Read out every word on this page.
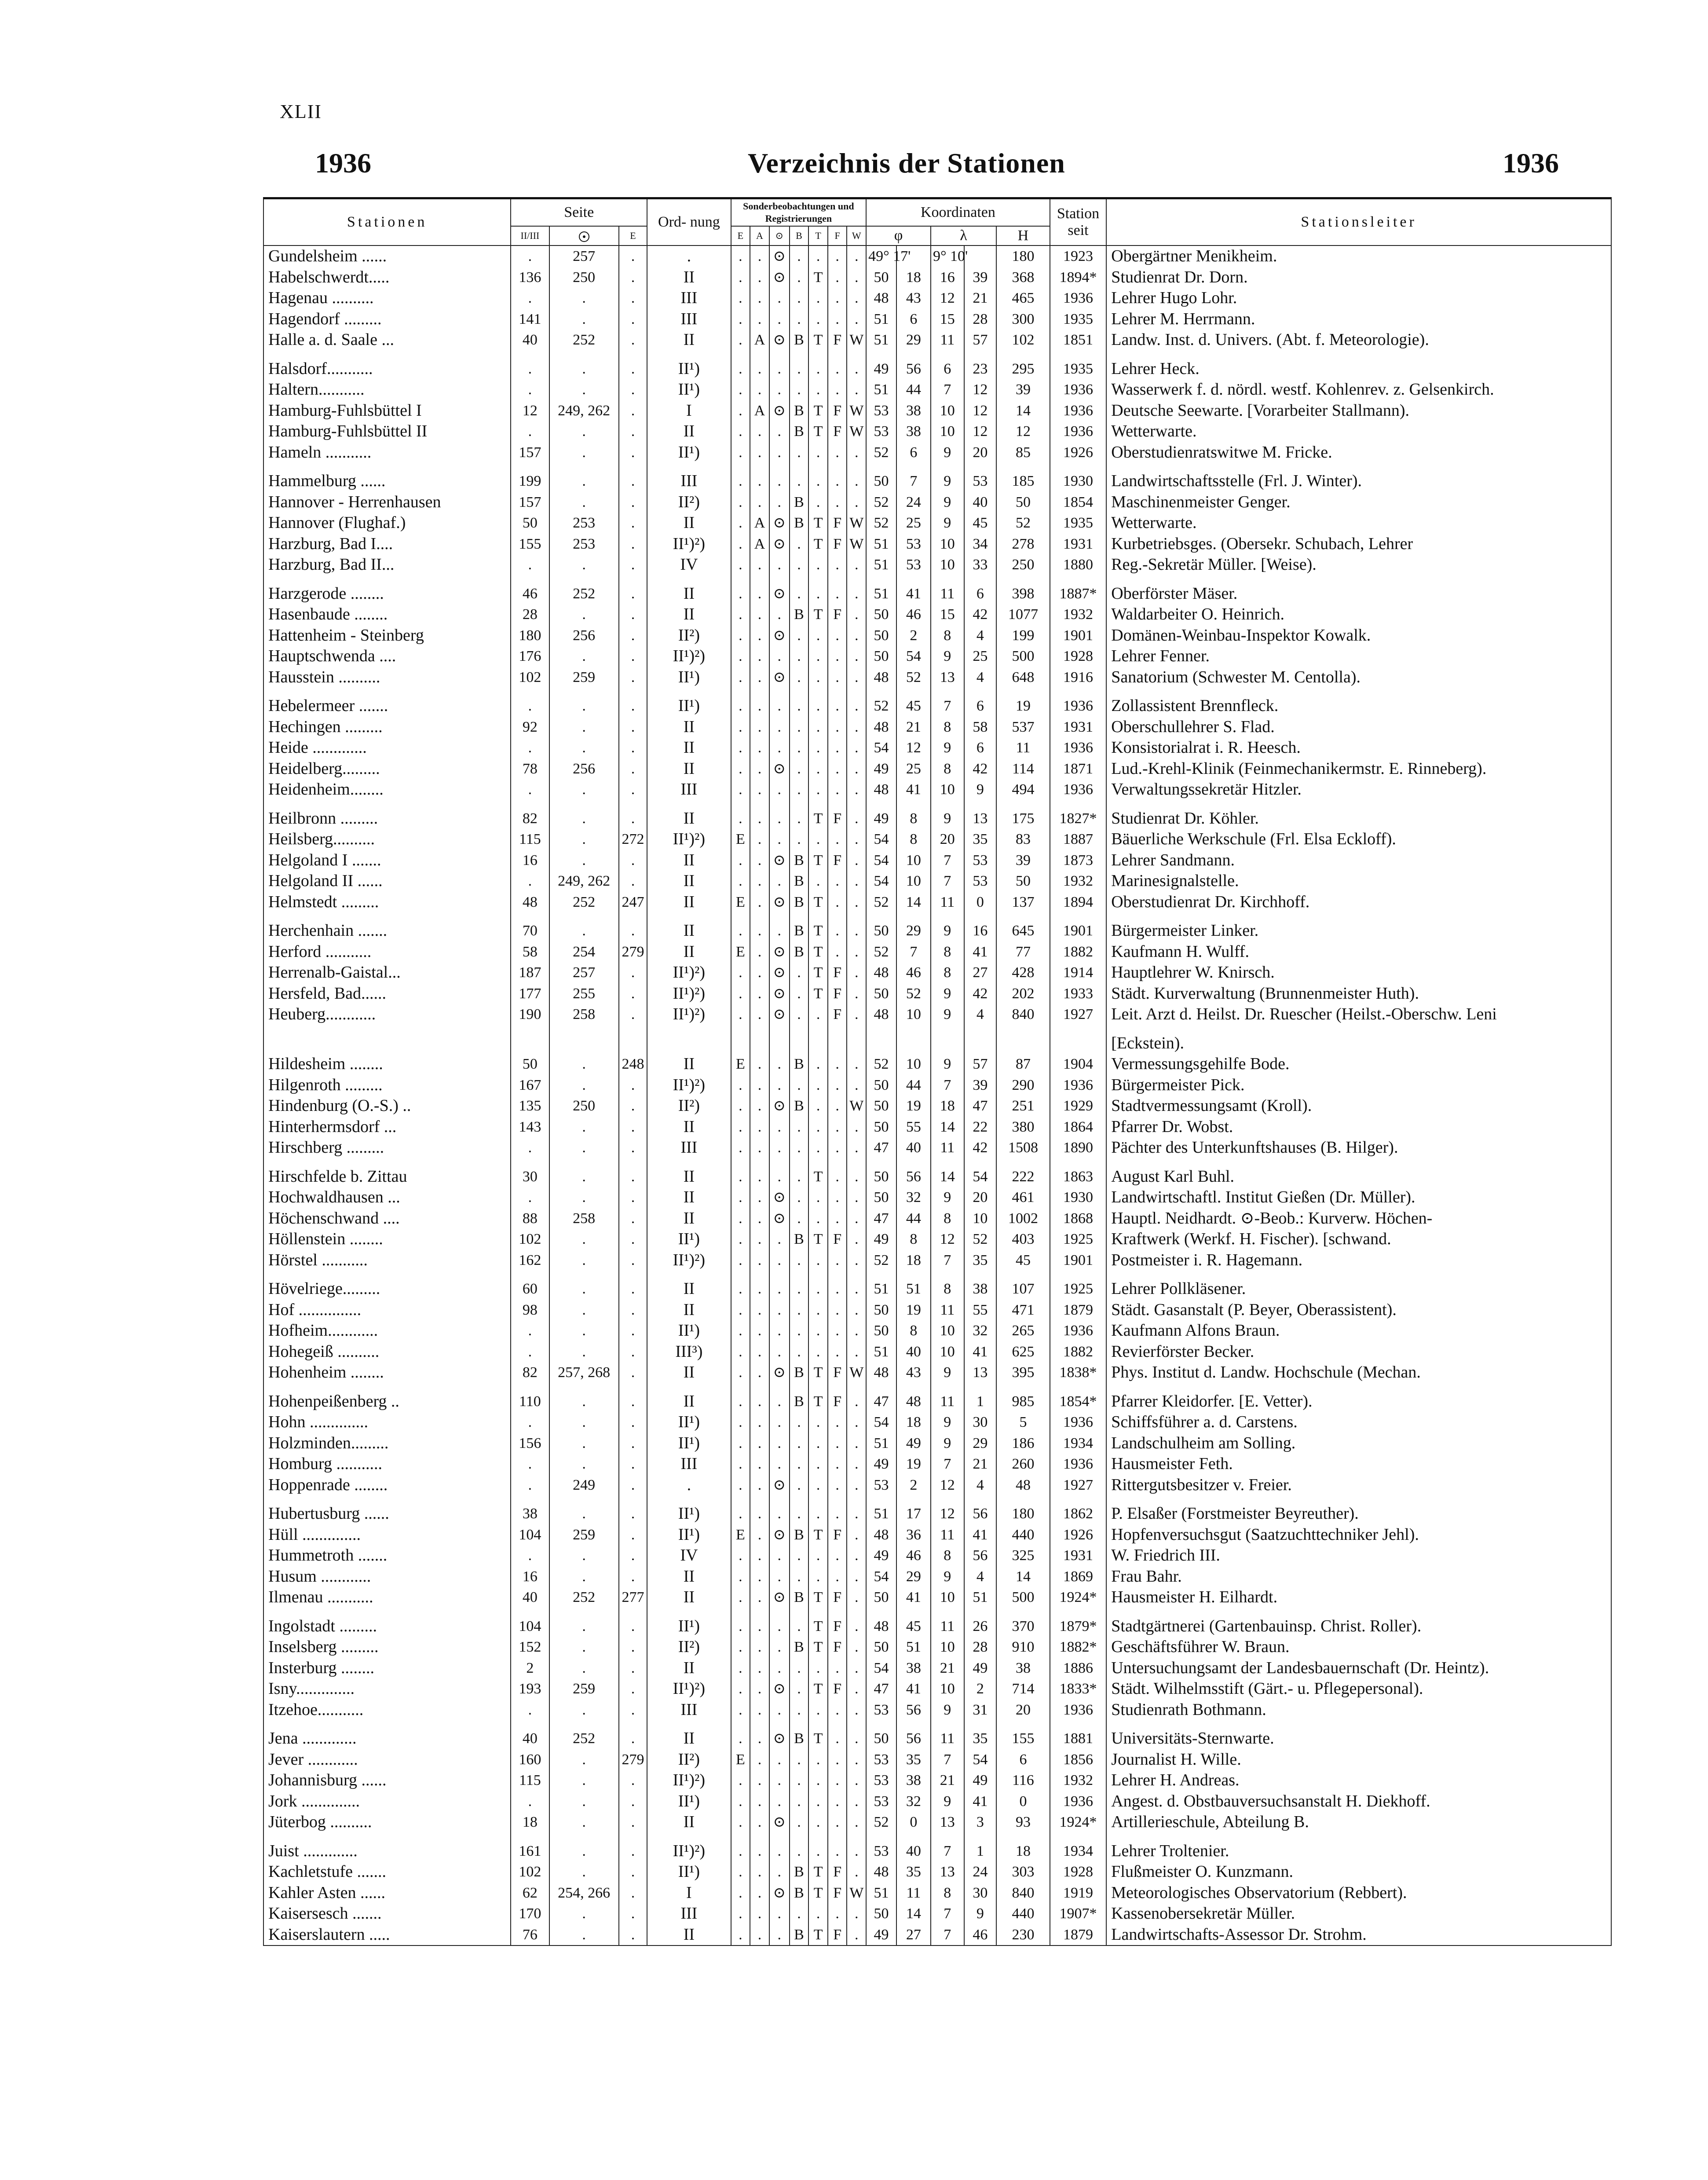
XLII
1936	Verzeichnis der Stationen	1936
Stationen	Seite			Ord- nung	Sonderbeobachtungen und Registrierungen							Koordinaten					Station seit	Stationsleiter
	II/III		E		E	A	⊙	B	T	F	W	φ		λ		H		
Gundelsheim ......	.	257	.	.	.	.	⊙	.	.	.	.	49° 17'		9° 10'		180	1923	Obergärtner Menikheim.
Habelschwerdt.....	136	250	.	II	.	.	⊙	.	T	.	.	50	18	16	39	368	1894*	Studienrat Dr. Dorn.
Hagenau ..........	.	.	.	III	.	.	.	.	.	.	.	48	43	12	21	465	1936	Lehrer Hugo Lohr.
Hagendorf .........	141	.	.	III	.	.	.	.	.	.	.	51	6	15	28	300	1935	Lehrer M. Herrmann.
Halle a. d. Saale ...	40	252	.	II	.	A	⊙	B	T	F	W	51	29	11	57	102	1851	Landw. Inst. d. Univers. (Abt. f. Meteorologie).
Halsdorf...........	.	.	.	II¹)	.	.	.	.	.	.	.	49	56	6	23	295	1935	Lehrer Heck.
Haltern...........	.	.	.	II¹)	.	.	.	.	.	.	.	51	44	7	12	39	1936	Wasserwerk f. d. nördl. westf. Kohlenrev. z. Gelsenkirch.
Hamburg-Fuhlsbüttel I	12	249, 262	.	I	.	A	⊙	B	T	F	W	53	38	10	12	14	1936	Deutsche Seewarte. [Vorarbeiter Stallmann).
Hamburg-Fuhlsbüttel II	.	.	.	II	.	.	.	B	T	F	W	53	38	10	12	12	1936	Wetterwarte.
Hameln ...........	157	.	.	II¹)	.	.	.	.	.	.	.	52	6	9	20	85	1926	Oberstudienratswitwe M. Fricke.
Hammelburg ......	199	.	.	III	.	.	.	.	.	.	.	50	7	9	53	185	1930	Landwirtschaftsstelle (Frl. J. Winter).
Hannover - Herrenhausen	157	.	.	II²)	.	.	.	B	.	.	.	52	24	9	40	50	1854	Maschinenmeister Genger.
Hannover (Flughaf.)	50	253	.	II	.	A	⊙	B	T	F	W	52	25	9	45	52	1935	Wetterwarte.
Harzburg, Bad I....	155	253	.	II¹)²)	.	A	⊙	.	T	F	W	51	53	10	34	278	1931	Kurbetriebsges. (Obersekr. Schubach, Lehrer
Harzburg, Bad II...	.	.	.	IV	.	.	.	.	.	.	.	51	53	10	33	250	1880	Reg.-Sekretär Müller. [Weise).
Harzgerode ........	46	252	.	II	.	.	⊙	.	.	.	.	51	41	11	6	398	1887*	Oberförster Mäser.
Hasenbaude ........	28	.	.	II	.	.	.	B	T	F	.	50	46	15	42	1077	1932	Waldarbeiter O. Heinrich.
Hattenheim - Steinberg	180	256	.	II²)	.	.	⊙	.	.	.	.	50	2	8	4	199	1901	Domänen-Weinbau-Inspektor Kowalk.
Hauptschwenda ....	176	.	.	II¹)²)	.	.	.	.	.	.	.	50	54	9	25	500	1928	Lehrer Fenner.
Hausstein ..........	102	259	.	II¹)	.	.	⊙	.	.	.	.	48	52	13	4	648	1916	Sanatorium (Schwester M. Centolla).
Hebelermeer .......	.	.	.	II¹)	.	.	.	.	.	.	.	52	45	7	6	19	1936	Zollassistent Brennfleck.
Hechingen .........	92	.	.	II	.	.	.	.	.	.	.	48	21	8	58	537	1931	Oberschullehrer S. Flad.
Heide .............	.	.	.	II	.	.	.	.	.	.	.	54	12	9	6	11	1936	Konsistorialrat i. R. Heesch.
Heidelberg.........	78	256	.	II	.	.	⊙	.	.	.	.	49	25	8	42	114	1871	Lud.-Krehl-Klinik (Feinmechanikermstr. E. Rinneberg).
Heidenheim........	.	.	.	III	.	.	.	.	.	.	.	48	41	10	9	494	1936	Verwaltungssekretär Hitzler.
Heilbronn .........	82	.	.	II	.	.	.	.	T	F	.	49	8	9	13	175	1827*	Studienrat Dr. Köhler.
Heilsberg..........	115	.	272	II¹)²)	E	.	.	.	.	.	.	54	8	20	35	83	1887	Bäuerliche Werkschule (Frl. Elsa Eckloff).
Helgoland I .......	16	.	.	II	.	.	⊙	B	T	F	.	54	10	7	53	39	1873	Lehrer Sandmann.
Helgoland II ......	.	249, 262	.	II	.	.	.	B	.	.	.	54	10	7	53	50	1932	Marinesignalstelle.
Helmstedt .........	48	252	247	II	E	.	⊙	B	T	.	.	52	14	11	0	137	1894	Oberstudienrat Dr. Kirchhoff.
Herchenhain .......	70	.	.	II	.	.	.	B	T	.	.	50	29	9	16	645	1901	Bürgermeister Linker.
Herford ...........	58	254	279	II	E	.	⊙	B	T	.	.	52	7	8	41	77	1882	Kaufmann H. Wulff.
Herrenalb-Gaistal...	187	257	.	II¹)²)	.	.	⊙	.	T	F	.	48	46	8	27	428	1914	Hauptlehrer W. Knirsch.
Hersfeld, Bad......	177	255	.	II¹)²)	.	.	⊙	.	T	F	.	50	52	9	42	202	1933	Städt. Kurverwaltung (Brunnenmeister Huth).
Heuberg............	190	258	.	II¹)²)	.	.	⊙	.	.	F	.	48	10	9	4	840	1927	Leit. Arzt d. Heilst. Dr. Ruescher (Heilst.-Oberschw. Leni
																		[Eckstein).
Hildesheim ........	50	.	248	II	E	.	.	B	.	.	.	52	10	9	57	87	1904	Vermessungsgehilfe Bode.
Hilgenroth .........	167	.	.	II¹)²)	.	.	.	.	.	.	.	50	44	7	39	290	1936	Bürgermeister Pick.
Hindenburg (O.-S.) ..	135	250	.	II²)	.	.	⊙	B	.	.	W	50	19	18	47	251	1929	Stadtvermessungsamt (Kroll).
Hinterhermsdorf ...	143	.	.	II	.	.	.	.	.	.	.	50	55	14	22	380	1864	Pfarrer Dr. Wobst.
Hirschberg .........	.	.	.	III	.	.	.	.	.	.	.	47	40	11	42	1508	1890	Pächter des Unterkunftshauses (B. Hilger).
Hirschfelde b. Zittau	30	.	.	II	.	.	.	.	T	.	.	50	56	14	54	222	1863	August Karl Buhl.
Hochwaldhausen ...	.	.	.	II	.	.	⊙	.	.	.	.	50	32	9	20	461	1930	Landwirtschaftl. Institut Gießen (Dr. Müller).
Höchenschwand ....	88	258	.	II	.	.	⊙	.	.	.	.	47	44	8	10	1002	1868	Hauptl. Neidhardt. ⊙-Beob.: Kurverw. Höchen-
Höllenstein ........	102	.	.	II¹)	.	.	.	B	T	F	.	49	8	12	52	403	1925	Kraftwerk (Werkf. H. Fischer). [schwand.
Hörstel ...........	162	.	.	II¹)²)	.	.	.	.	.	.	.	52	18	7	35	45	1901	Postmeister i. R. Hagemann.
Hövelriege.........	60	.	.	II	.	.	.	.	.	.	.	51	51	8	38	107	1925	Lehrer Pollkläsener.
Hof ...............	98	.	.	II	.	.	.	.	.	.	.	50	19	11	55	471	1879	Städt. Gasanstalt (P. Beyer, Oberassistent).
Hofheim............	.	.	.	II¹)	.	.	.	.	.	.	.	50	8	10	32	265	1936	Kaufmann Alfons Braun.
Hohegeiß ..........	.	.	.	III³)	.	.	.	.	.	.	.	51	40	10	41	625	1882	Revierförster Becker.
Hohenheim ........	82	257, 268	.	II	.	.	⊙	B	T	F	W	48	43	9	13	395	1838*	Phys. Institut d. Landw. Hochschule (Mechan.
Hohenpeißenberg ..	110	.	.	II	.	.	.	B	T	F	.	47	48	11	1	985	1854*	Pfarrer Kleidorfer. [E. Vetter).
Hohn ..............	.	.	.	II¹)	.	.	.	.	.	.	.	54	18	9	30	5	1936	Schiffsführer a. d. Carstens.
Holzminden.........	156	.	.	II¹)	.	.	.	.	.	.	.	51	49	9	29	186	1934	Landschulheim am Solling.
Homburg ...........	.	.	.	III	.	.	.	.	.	.	.	49	19	7	21	260	1936	Hausmeister Feth.
Hoppenrade ........	.	249	.	.	.	.	⊙	.	.	.	.	53	2	12	4	48	1927	Rittergutsbesitzer v. Freier.
Hubertusburg ......	38	.	.	II¹)	.	.	.	.	.	.	.	51	17	12	56	180	1862	P. Elsaßer (Forstmeister Beyreuther).
Hüll ..............	104	259	.	II¹)	E	.	⊙	B	T	F	.	48	36	11	41	440	1926	Hopfenversuchsgut (Saatzuchttechniker Jehl).
Hummetroth .......	.	.	.	IV	.	.	.	.	.	.	.	49	46	8	56	325	1931	W. Friedrich III.
Husum ............	16	.	.	II	.	.	.	.	.	.	.	54	29	9	4	14	1869	Frau Bahr.
Ilmenau ...........	40	252	277	II	.	.	⊙	B	T	F	.	50	41	10	51	500	1924*	Hausmeister H. Eilhardt.
Ingolstadt .........	104	.	.	II¹)	.	.	.	.	T	F	.	48	45	11	26	370	1879*	Stadtgärtnerei (Gartenbauinsp. Christ. Roller).
Inselsberg .........	152	.	.	II²)	.	.	.	B	T	F	.	50	51	10	28	910	1882*	Geschäftsführer W. Braun.
Insterburg ........	2	.	.	II	.	.	.	.	.	.	.	54	38	21	49	38	1886	Untersuchungsamt der Landesbauernschaft (Dr. Heintz).
Isny..............	193	259	.	II¹)²)	.	.	⊙	.	T	F	.	47	41	10	2	714	1833*	Städt. Wilhelmsstift (Gärt.- u. Pflegepersonal).
Itzehoe...........	.	.	.	III	.	.	.	.	.	.	.	53	56	9	31	20	1936	Studienrath Bothmann.
Jena .............	40	252	.	II	.	.	⊙	B	T	.	.	50	56	11	35	155	1881	Universitäts-Sternwarte.
Jever ............	160	.	279	II²)	E	.	.	.	.	.	.	53	35	7	54	6	1856	Journalist H. Wille.
Johannisburg ......	115	.	.	II¹)²)	.	.	.	.	.	.	.	53	38	21	49	116	1932	Lehrer H. Andreas.
Jork ..............	.	.	.	II¹)	.	.	.	.	.	.	.	53	32	9	41	0	1936	Angest. d. Obstbauversuchsanstalt H. Diekhoff.
Jüterbog ..........	18	.	.	II	.	.	⊙	.	.	.	.	52	0	13	3	93	1924*	Artillerieschule, Abteilung B.
Juist .............	161	.	.	II¹)²)	.	.	.	.	.	.	.	53	40	7	1	18	1934	Lehrer Troltenier.
Kachletstufe .......	102	.	.	II¹)	.	.	.	B	T	F	.	48	35	13	24	303	1928	Flußmeister O. Kunzmann.
Kahler Asten ......	62	254, 266	.	I	.	.	⊙	B	T	F	W	51	11	8	30	840	1919	Meteorologisches Observatorium (Rebbert).
Kaisersesch .......	170	.	.	III	.	.	.	.	.	.	.	50	14	7	9	440	1907*	Kassenobersekretär Müller.
Kaiserslautern .....	76	.	.	II	.	.	.	B	T	F	.	49	27	7	46	230	1879	Landwirtschafts-Assessor Dr. Strohm.
